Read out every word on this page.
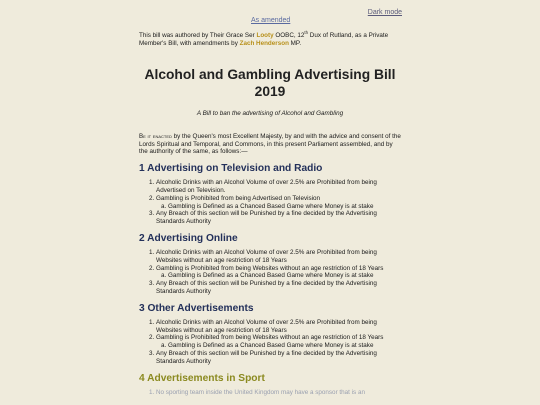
Dark mode
As amended
This bill was authored by Their Grace Ser Looty OOBC, 12th Dux of Rutland, as a Private Member's Bill, with amendments by Zach Henderson MP.
Alcohol and Gambling Advertising Bill 2019
A Bill to ban the advertising of Alcohol and Gambling
Be it enacted by the Queen's most Excellent Majesty, by and with the advice and consent of the Lords Spiritual and Temporal, and Commons, in this present Parliament assembled, and by the authority of the same, as follows:—
1 Advertising on Television and Radio
1. Alcoholic Drinks with an Alcohol Volume of over 2.5% are Prohibited from being Advertised on Television.
2. Gambling is Prohibited from being Advertised on Television
a. Gambling is Defined as a Chanced Based Game where Money is at stake
3. Any Breach of this section will be Punished by a fine decided by the Advertising Standards Authority
2 Advertising Online
1. Alcoholic Drinks with an Alcohol Volume of over 2.5% are Prohibited from being Websites without an age restriction of 18 Years
2. Gambling is Prohibited from being Websites without an age restriction of 18 Years
a. Gambling is Defined as a Chanced Based Game where Money is at stake
3. Any Breach of this section will be Punished by a fine decided by the Advertising Standards Authority
3 Other Advertisements
1. Alcoholic Drinks with an Alcohol Volume of over 2.5% are Prohibited from being Websites without an age restriction of 18 Years
2. Gambling is Prohibited from being Websites without an age restriction of 18 Years
a. Gambling is Defined as a Chanced Based Game where Money is at stake
3. Any Breach of this section will be Punished by a fine decided by the Advertising Standards Authority
4 Advertisements in Sport
1. No sporting team inside the United Kingdom may have a sponsor that is an
